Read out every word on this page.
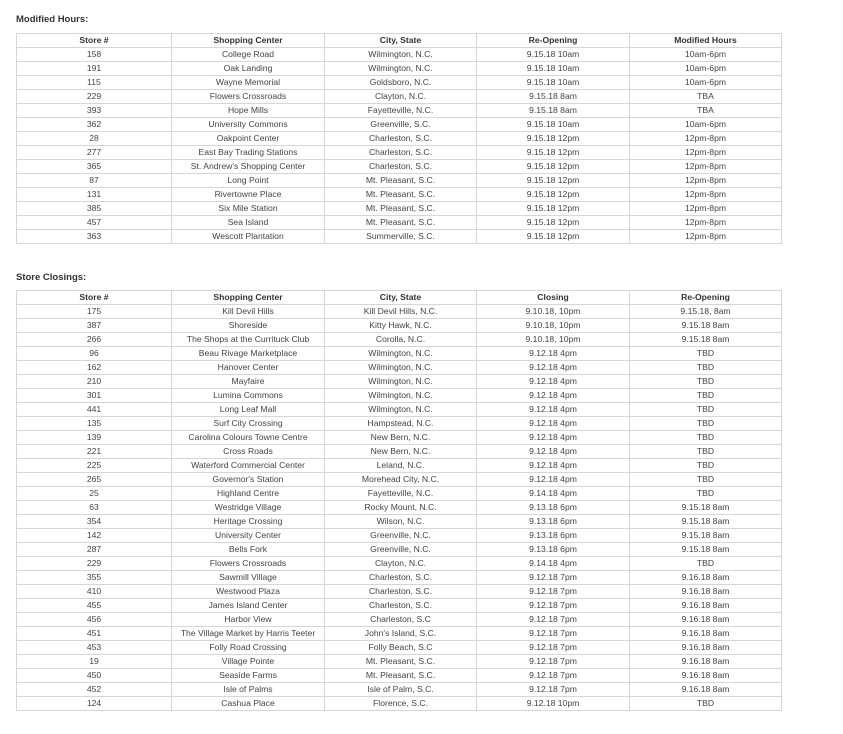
Modified Hours:
Store #	Shopping Center	City, State	Re-Opening	Modified Hours
158	College Road	Wilmington, N.C.	9.15.18 10am	10am-6pm
191	Oak Landing	Wilmington, N.C.	9.15.18 10am	10am-6pm
115	Wayne Memorial	Goldsboro, N.C.	9.15.18 10am	10am-6pm
229	Flowers Crossroads	Clayton, N.C.	9.15.18 8am	TBA
393	Hope Mills	Fayetteville, N.C.	9.15.18 8am	TBA
362	University Commons	Greenville, S.C.	9.15.18 10am	10am-6pm
28	Oakpoint Center	Charleston, S.C.	9.15.18 12pm	12pm-8pm
277	East Bay Trading Stations	Charleston, S.C.	9.15.18 12pm	12pm-8pm
365	St. Andrew's Shopping Center	Charleston, S.C.	9.15.18 12pm	12pm-8pm
87	Long Point	Mt. Pleasant, S.C.	9.15.18 12pm	12pm-8pm
131	Rivertowne Place	Mt. Pleasant, S.C.	9.15.18 12pm	12pm-8pm
385	Six Mile Station	Mt. Pleasant, S.C.	9.15.18 12pm	12pm-8pm
457	Sea Island	Mt. Pleasant, S.C.	9.15.18 12pm	12pm-8pm
363	Wescott Plantation	Summerville, S.C.	9.15.18 12pm	12pm-8pm
Store Closings:
Store #	Shopping Center	City, State	Closing	Re-Opening
175	Kill Devil Hills	Kill Devil Hills, N.C.	9.10.18, 10pm	9.15.18, 8am
387	Shoreside	Kitty Hawk, N.C.	9.10.18, 10pm	9.15.18 8am
266	The Shops at the Currituck Club	Corolla, N.C.	9.10.18, 10pm	9.15.18 8am
96	Beau Rivage Marketplace	Wilmington, N.C.	9.12.18 4pm	TBD
162	Hanover Center	Wilmington, N.C.	9.12.18 4pm	TBD
210	Mayfaire	Wilmington, N.C.	9.12.18 4pm	TBD
301	Lumina Commons	Wilmington, N.C.	9.12.18 4pm	TBD
441	Long Leaf Mall	Wilmington, N.C.	9.12.18 4pm	TBD
135	Surf City Crossing	Hampstead, N.C.	9.12.18 4pm	TBD
139	Carolina Colours Towne Centre	New Bern, N.C.	9.12.18 4pm	TBD
221	Cross Roads	New Bern, N.C.	9.12.18 4pm	TBD
225	Waterford Commercial Center	Leland, N.C.	9.12.18 4pm	TBD
265	Governor's Station	Morehead City, N.C.	9.12.18 4pm	TBD
25	Highland Centre	Fayetteville, N.C.	9.14.18 4pm	TBD
63	Westridge Village	Rocky Mount, N.C.	9.13.18 6pm	9.15.18 8am
354	Heritage Crossing	Wilson, N.C.	9.13.18 6pm	9.15.18 8am
142	University Center	Greenville, N.C.	9.13.18 6pm	9.15.18 8am
287	Bells Fork	Greenville, N.C.	9.13.18 6pm	9.15.18 8am
229	Flowers Crossroads	Clayton, N.C.	9.14.18 4pm	TBD
355	Sawmill Village	Charleston, S.C.	9.12.18 7pm	9.16.18 8am
410	Westwood Plaza	Charleston, S.C.	9.12.18 7pm	9.16.18 8am
455	James Island Center	Charleston, S.C.	9.12.18 7pm	9.16.18 8am
456	Harbor View	Charleston, S.C	9.12.18 7pm	9.16.18 8am
451	The Village Market by Harris Teeter	John's Island, S.C.	9.12.18 7pm	9.16.18 8am
453	Folly Road Crossing	Folly Beach, S.C	9.12.18 7pm	9.16.18 8am
19	Village Pointe	Mt. Pleasant, S.C.	9.12.18 7pm	9.16.18 8am
450	Seaside Farms	Mt. Pleasant, S.C.	9.12.18 7pm	9.16.18 8am
452	Isle of Palms	Isle of Palm, S.C.	9.12.18 7pm	9.16.18 8am
124	Cashua Place	Florence, S.C.	9.12.18 10pm	TBD
